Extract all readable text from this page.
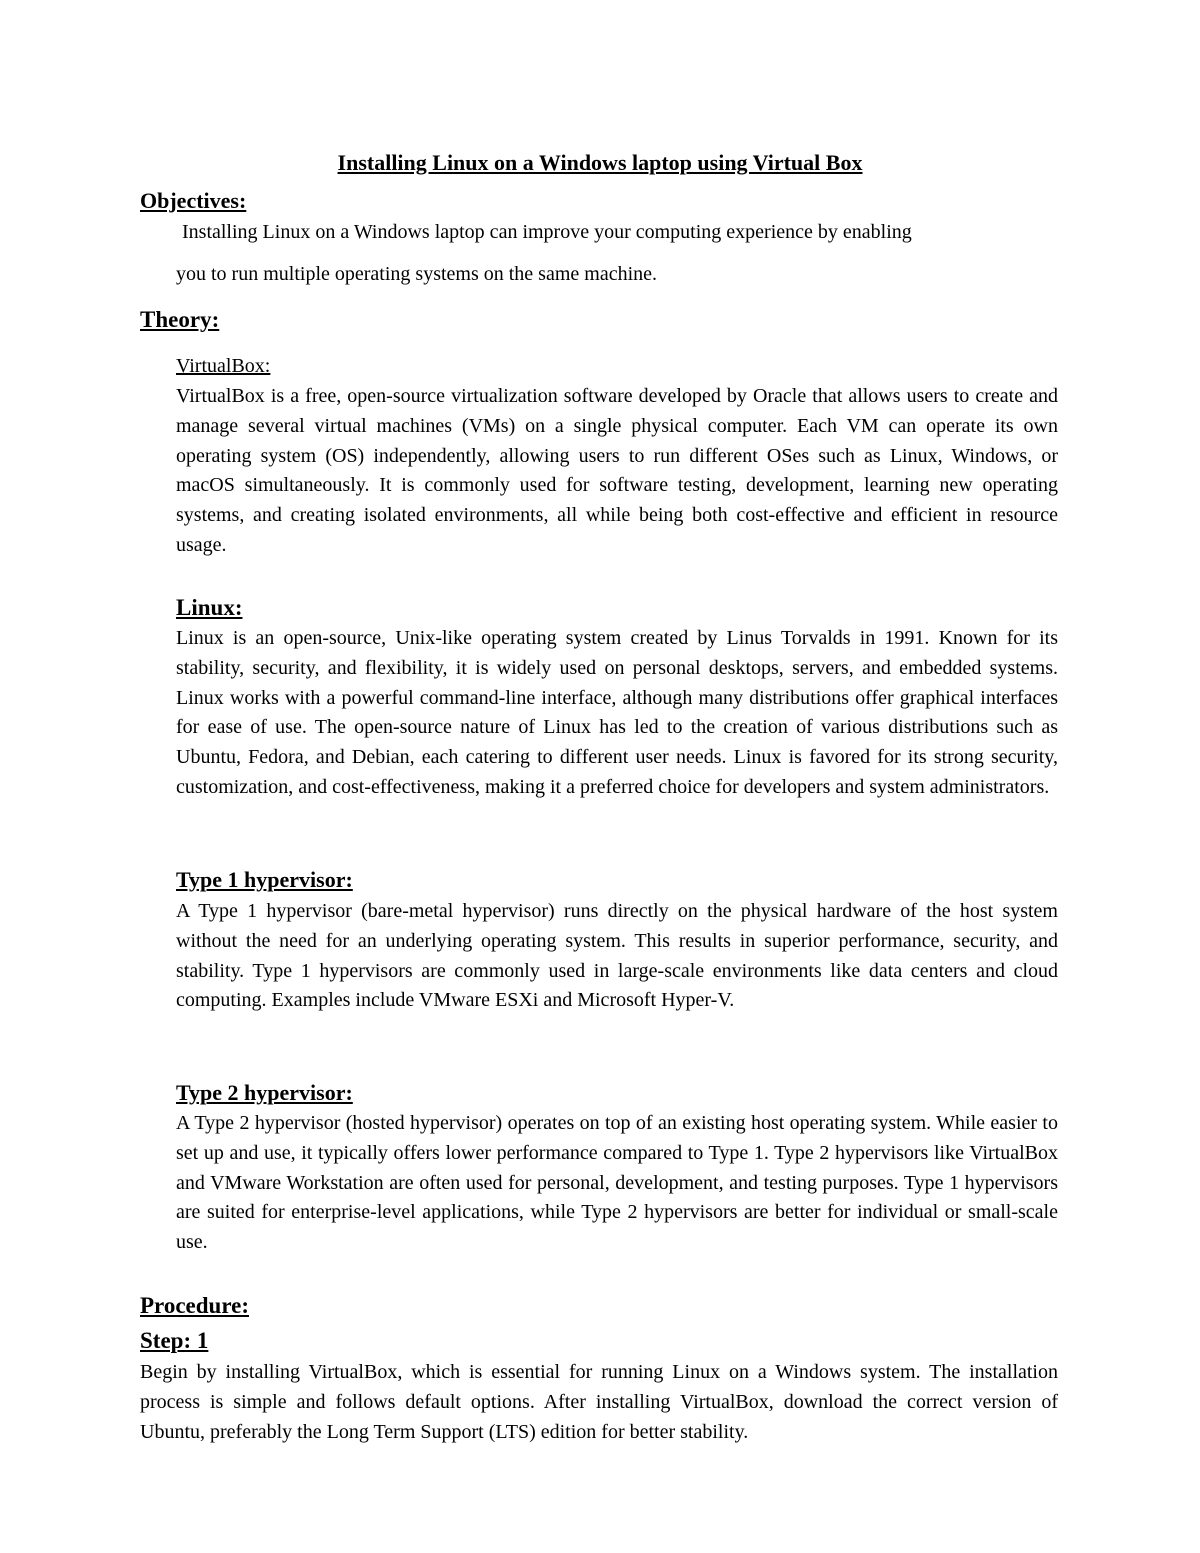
Installing Linux on a Windows laptop using Virtual Box
Objectives:
Installing Linux on a Windows laptop can improve your computing experience by enabling
you to run multiple operating systems on the same machine.
Theory:
VirtualBox:

VirtualBox is a free, open-source virtualization software developed by Oracle that allows users to create and manage several virtual machines (VMs) on a single physical computer. Each VM can operate its own operating system (OS) independently, allowing users to run different OSes such as Linux, Windows, or macOS simultaneously. It is commonly used for software testing, development, learning new operating systems, and creating isolated environments, all while being both cost-effective and efficient in resource usage.

Linux:

Linux is an open-source, Unix-like operating system created by Linus Torvalds in 1991. Known for its stability, security, and flexibility, it is widely used on personal desktops, servers, and embedded systems. Linux works with a powerful command-line interface, although many distributions offer graphical interfaces for ease of use. The open-source nature of Linux has led to the creation of various distributions such as Ubuntu, Fedora, and Debian, each catering to different user needs. Linux is favored for its strong security, customization, and cost-effectiveness, making it a preferred choice for developers and system administrators.

Type 1 hypervisor:

A Type 1 hypervisor (bare-metal hypervisor) runs directly on the physical hardware of the host system without the need for an underlying operating system. This results in superior performance, security, and stability. Type 1 hypervisors are commonly used in large-scale environments like data centers and cloud computing. Examples include VMware ESXi and Microsoft Hyper-V.

Type 2 hypervisor:

A Type 2 hypervisor (hosted hypervisor) operates on top of an existing host operating system. While easier to set up and use, it typically offers lower performance compared to Type 1. Type 2 hypervisors like VirtualBox and VMware Workstation are often used for personal, development, and testing purposes. Type 1 hypervisors are suited for enterprise-level applications, while Type 2 hypervisors are better for individual or small-scale use.

Procedure:
Step: 1

Begin by installing VirtualBox, which is essential for running Linux on a Windows system. The installation process is simple and follows default options. After installing VirtualBox, download the correct version of Ubuntu, preferably the Long Term Support (LTS) edition for better stability.
